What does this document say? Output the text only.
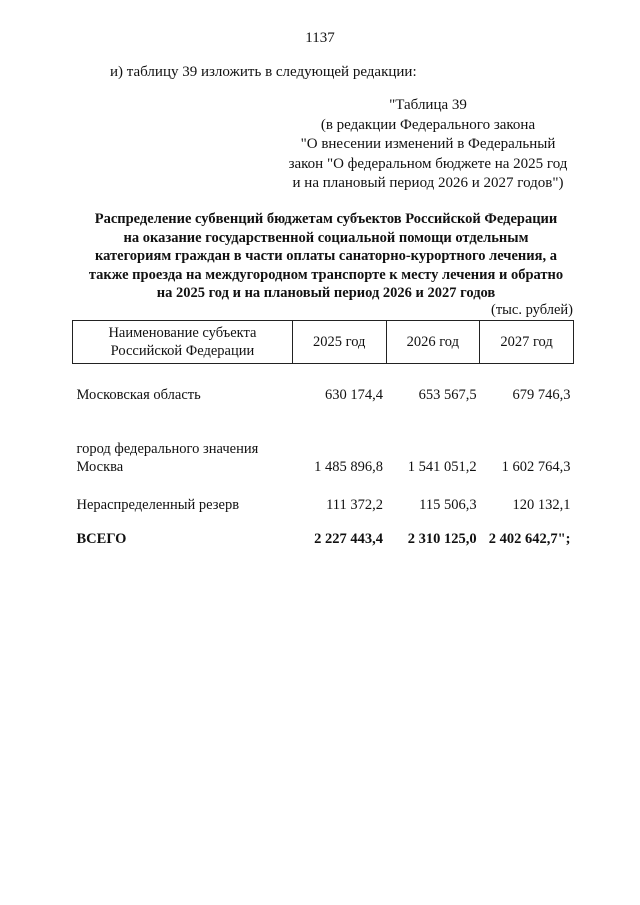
1137
и) таблицу 39 изложить в следующей редакции:
"Таблица 39
(в редакции Федерального закона
"О внесении изменений в Федеральный
закон "О федеральном бюджете на 2025 год
и на плановый период 2026 и 2027 годов")
Распределение субвенций бюджетам субъектов Российской Федерации
на оказание государственной социальной помощи отдельным
категориям граждан в части оплаты санаторно-курортного лечения, а
также проезда на междугородном транспорте к месту лечения и обратно
на 2025 год и на плановый период 2026 и 2027 годов
(тыс. рублей)
Наименование субъекта
Российской Федерации	2025 год	2026 год	2027 год
Московская область	630 174,4	653 567,5	679 746,3

город федерального значения
Москва	1 485 896,8	1 541 051,2	1 602 764,3
Нераспределенный резерв	111 372,2	115 506,3	120 132,1
ВСЕГО	2 227 443,4	2 310 125,0	2 402 642,7";
